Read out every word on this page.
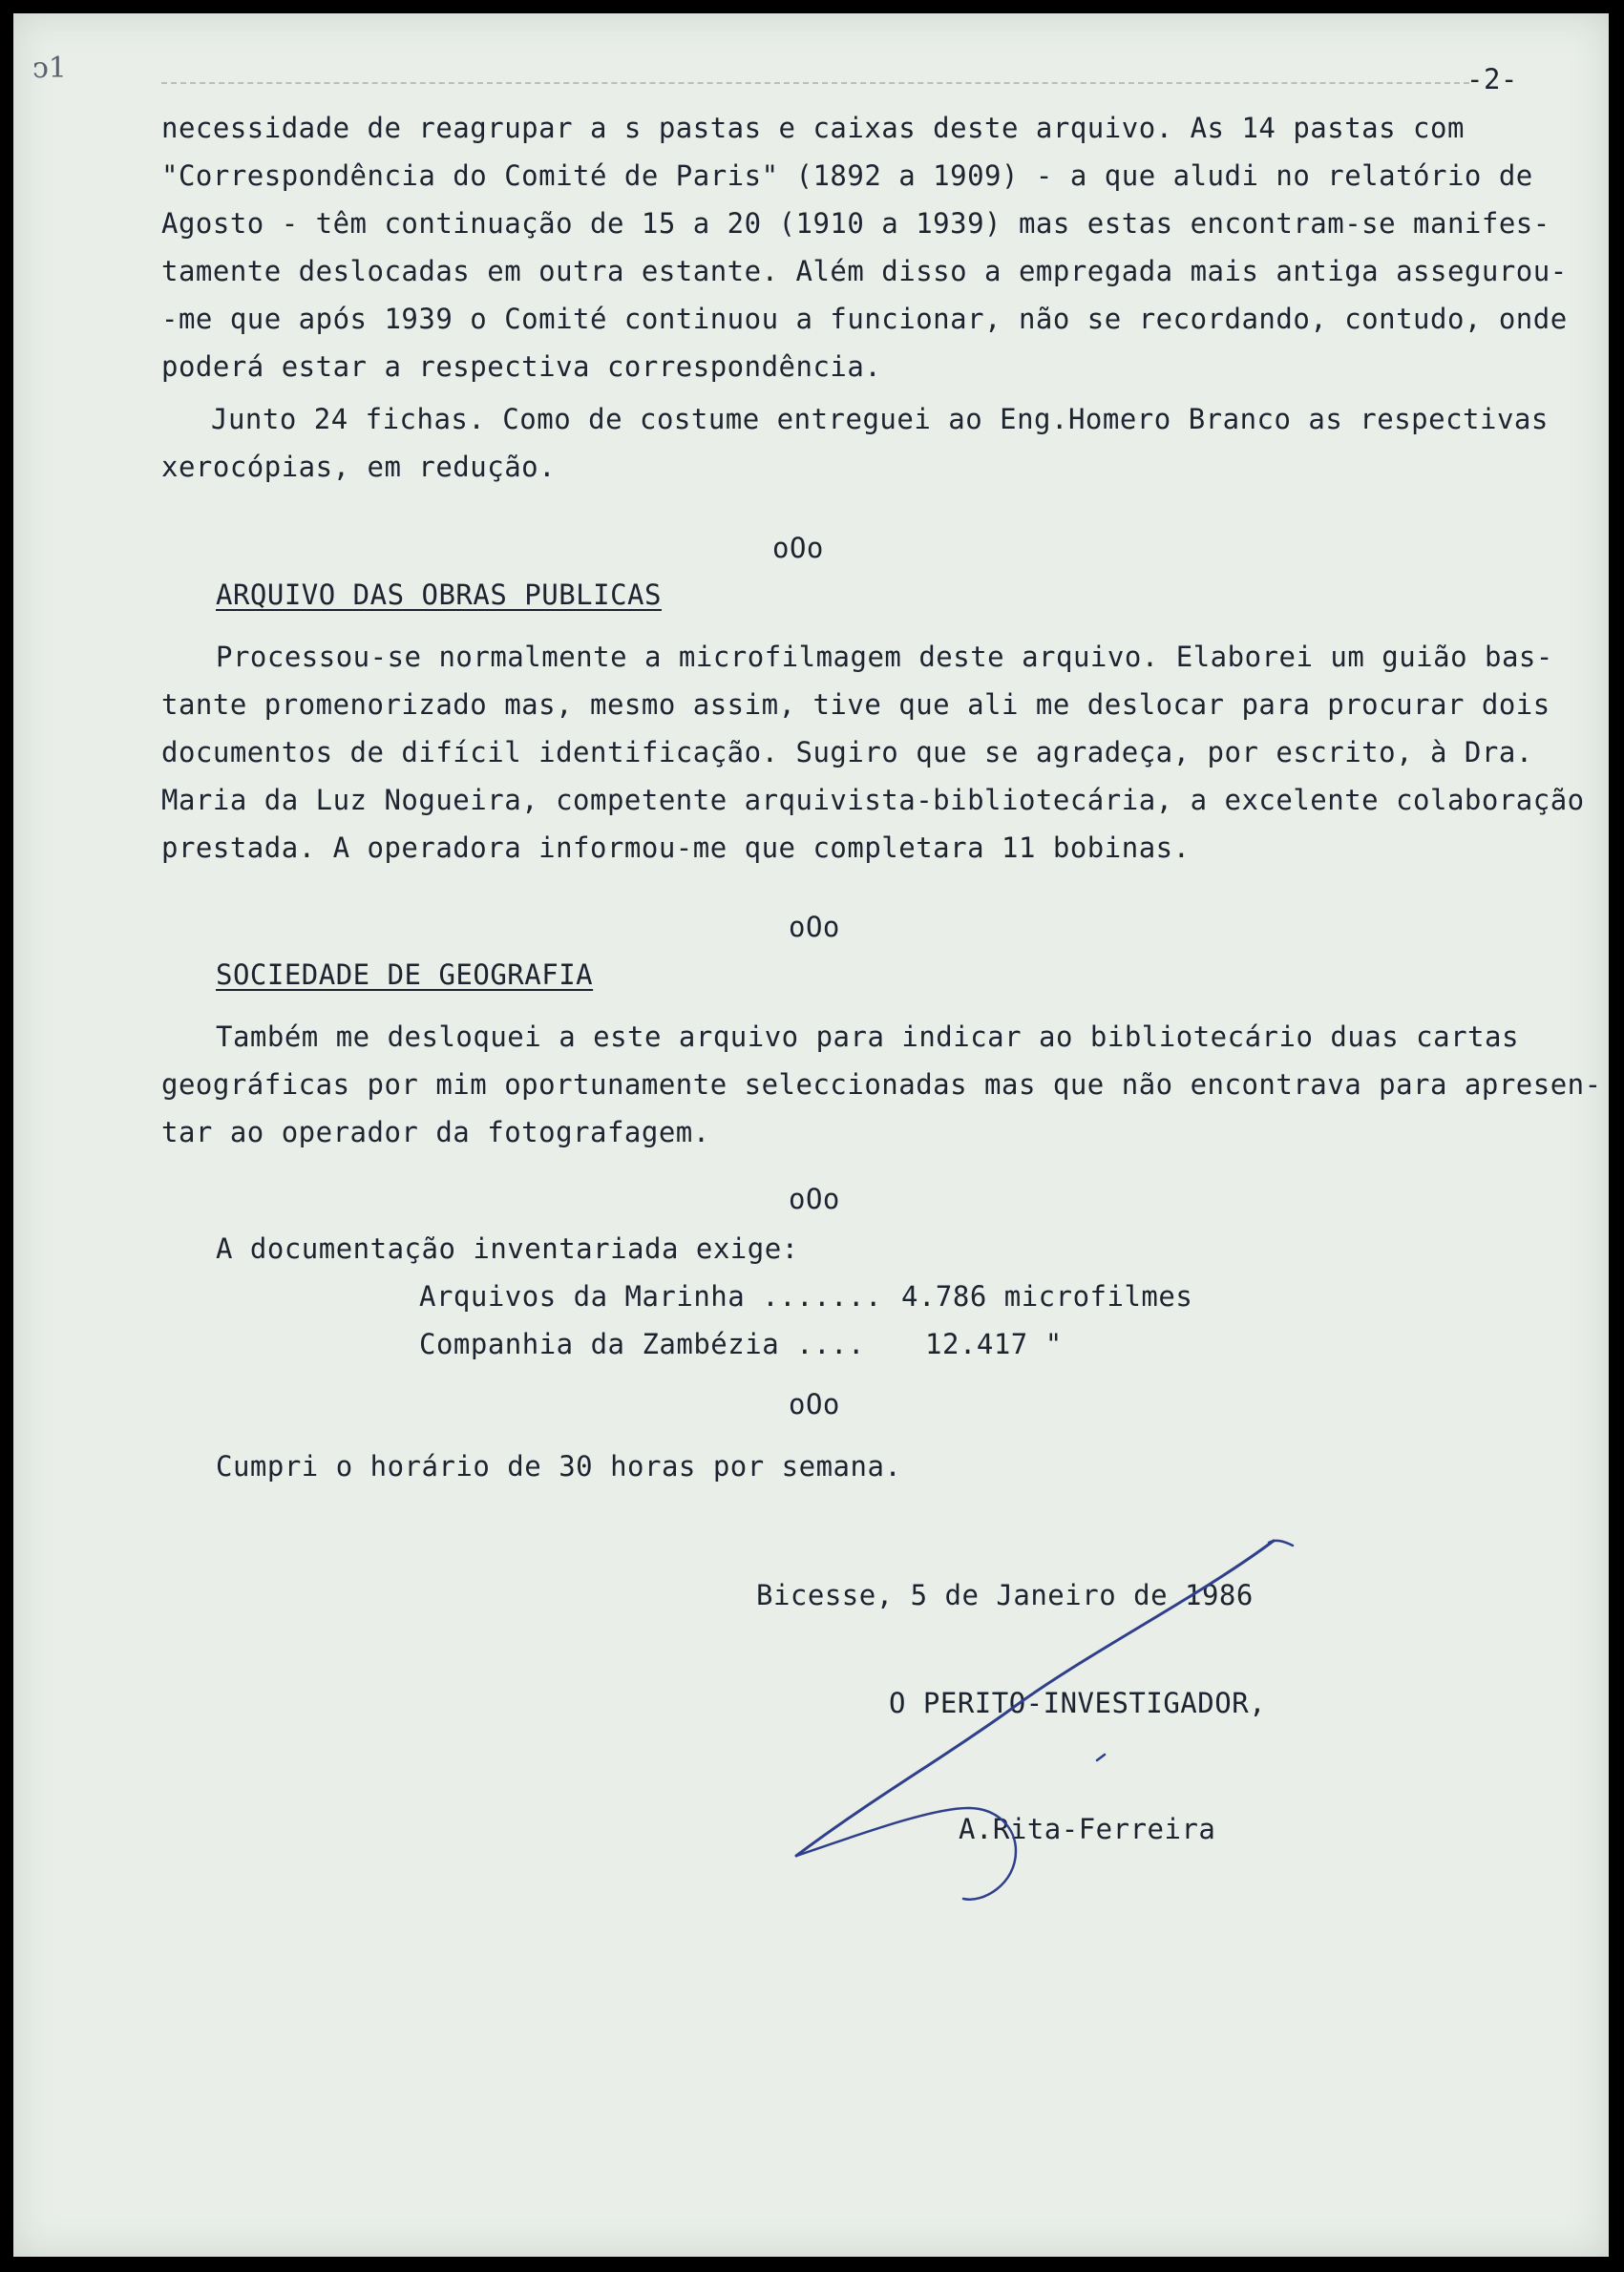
ↄ1	-2-
necessidade de reagrupar a s pastas e caixas deste arquivo. As 14 pastas com
"Correspondência do Comité de Paris" (1892 a 1909) - a que aludi no relatório de
Agosto - têm continuação de 15 a 20 (1910 a 1939) mas estas encontram-se manifes-
tamente deslocadas em outra estante. Além disso a empregada mais antiga assegurou-
-me que após 1939 o Comité continuou a funcionar, não se recordando, contudo, onde
poderá estar a respectiva correspondência.
Junto 24 fichas. Como de costume entreguei ao Eng.Homero Branco as respectivas
xerocópias, em redução.
oOo
ARQUIVO DAS OBRAS PUBLICAS
Processou-se normalmente a microfilmagem deste arquivo. Elaborei um guião bas-
tante promenorizado mas, mesmo assim, tive que ali me deslocar para procurar dois
documentos de difícil identificação. Sugiro que se agradeça, por escrito, à Dra.
Maria da Luz Nogueira, competente arquivista-bibliotecária, a excelente colaboração
prestada. A operadora informou-me que completara 11 bobinas.
oOo
SOCIEDADE DE GEOGRAFIA
Também me desloquei a este arquivo para indicar ao bibliotecário duas cartas
geográficas por mim oportunamente seleccionadas mas que não encontrava para apresen-
tar ao operador da fotografagem.
oOo
A documentação inventariada exige:
Arquivos da Marinha ....... 4.786 microfilmes
Companhia da Zambézia .... 12.417 "
oOo
Cumpri o horário de 30 horas por semana.
Bicesse, 5 de Janeiro de 1986
O PERITO-INVESTIGADOR,
A.Rita-Ferreira
